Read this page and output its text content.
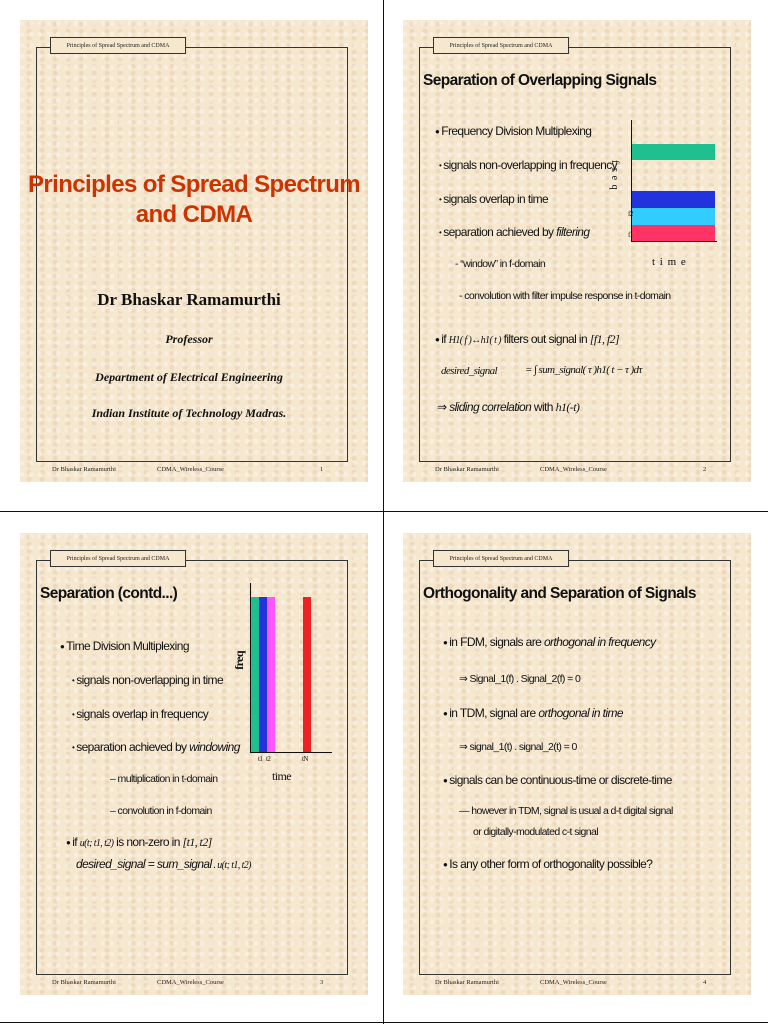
Principles of Spread Spectrum and CDMA
Principles of Spread Spectrum
and CDMA
Dr Bhaskar Ramamurthi
Professor
Department of Electrical Engineering
Indian Institute of Technology Madras.
Dr Bhaskar Ramamurthi	CDMA_Wireless_Course	1
Principles of Spread Spectrum and CDMA
Separation of Overlapping Signals
● Frequency Division Multiplexing
• signals non-overlapping in frequency
• signals overlap in time
• separation achieved by filtering
- “window” in f-domain
- convolution with filter impulse response in t-domain
● if H1( f )↔h1( t ) filters out signal in [f1, f2]
desired_signal	= ∫ sum_signal( τ )h1( t − τ )dτ
⇒ sliding correlation with h1(-t)
f r e q
f2
f1
t i m e
Dr Bhaskar Ramamurthi	CDMA_Wireless_Course	2
Principles of Spread Spectrum and CDMA
Separation (contd...)
● Time Division Multiplexing
• signals non-overlapping in time
• signals overlap in frequency
• separation achieved by windowing
– multiplication in t-domain
– convolution in f-domain
● if u(t; t1, t2) is non-zero in [t1, t2]
desired_signal = sum_signal . u(t; t1, t2)
freq
t1 t2	tN
time
Dr Bhaskar Ramamurthi	CDMA_Wireless_Course	3
Principles of Spread Spectrum and CDMA
Orthogonality and Separation of Signals
● in FDM, signals are orthogonal in frequency
⇒ Signal_1(f) . Signal_2(f) = 0
● in TDM, signal are orthogonal in time
⇒ signal_1(t) . signal_2(t) = 0
● signals can be continuous-time or discrete-time
— however in TDM, signal is usual a d-t digital signal
or digitally-modulated c-t signal
● Is any other form of orthogonality possible?
Dr Bhaskar Ramamurthi	CDMA_Wireless_Course	4
